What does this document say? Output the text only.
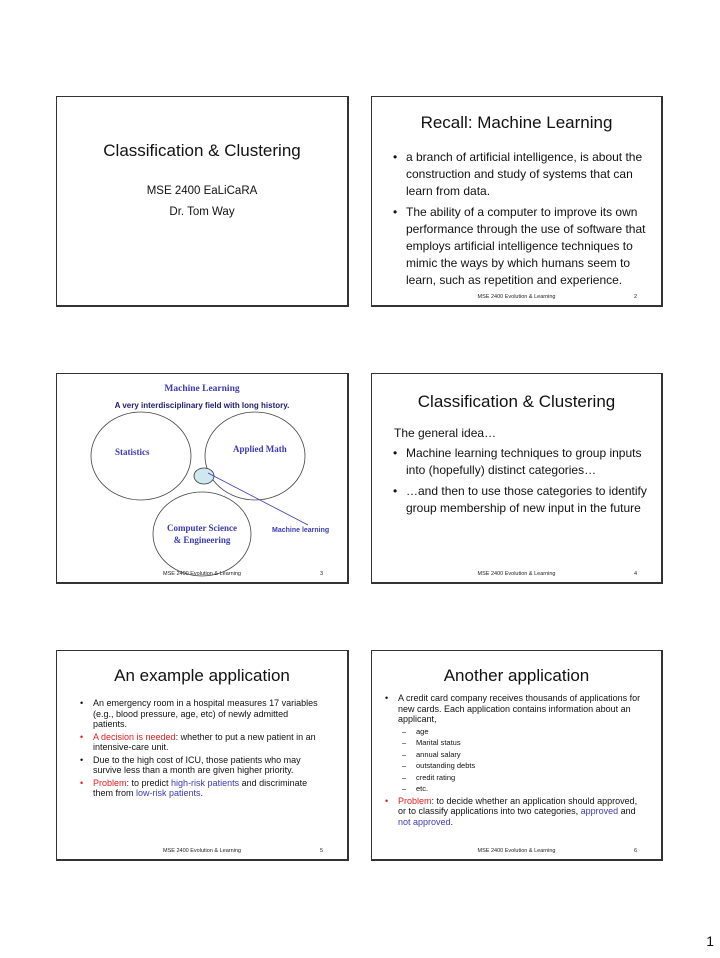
Classification & Clustering
MSE 2400 EaLiCaRA
Dr. Tom Way
Recall: Machine Learning
• a branch of artificial intelligence, is about the construction and study of systems that can learn from data.
• The ability of a computer to improve its own performance through the use of software that employs artificial intelligence techniques to mimic the ways by which humans seem to learn, such as repetition and experience.
MSE 2400 Evolution & Learning	2
Machine Learning
A very interdisciplinary field with long history.
Statistics	Applied Math
Computer Science
& Engineering
Machine learning
MSE 2400 Evolution & Learning	3
Classification & Clustering
The general idea…
• Machine learning techniques to group inputs into (hopefully) distinct categories…
• …and then to use those categories to identify group membership of new input in the future
MSE 2400 Evolution & Learning	4
An example application
• An emergency room in a hospital measures 17 variables (e.g., blood pressure, age, etc) of newly admitted patients.
• A decision is needed: whether to put a new patient in an intensive-care unit.
• Due to the high cost of ICU, those patients who may survive less than a month are given higher priority.
• Problem: to predict high-risk patients and discriminate them from low-risk patients.
MSE 2400 Evolution & Learning	5
Another application
• A credit card company receives thousands of applications for new cards. Each application contains information about an applicant,
– age
– Marital status
– annual salary
– outstanding debts
– credit rating
– etc.
• Problem: to decide whether an application should approved, or to classify applications into two categories, approved and not approved.
MSE 2400 Evolution & Learning	6
1
